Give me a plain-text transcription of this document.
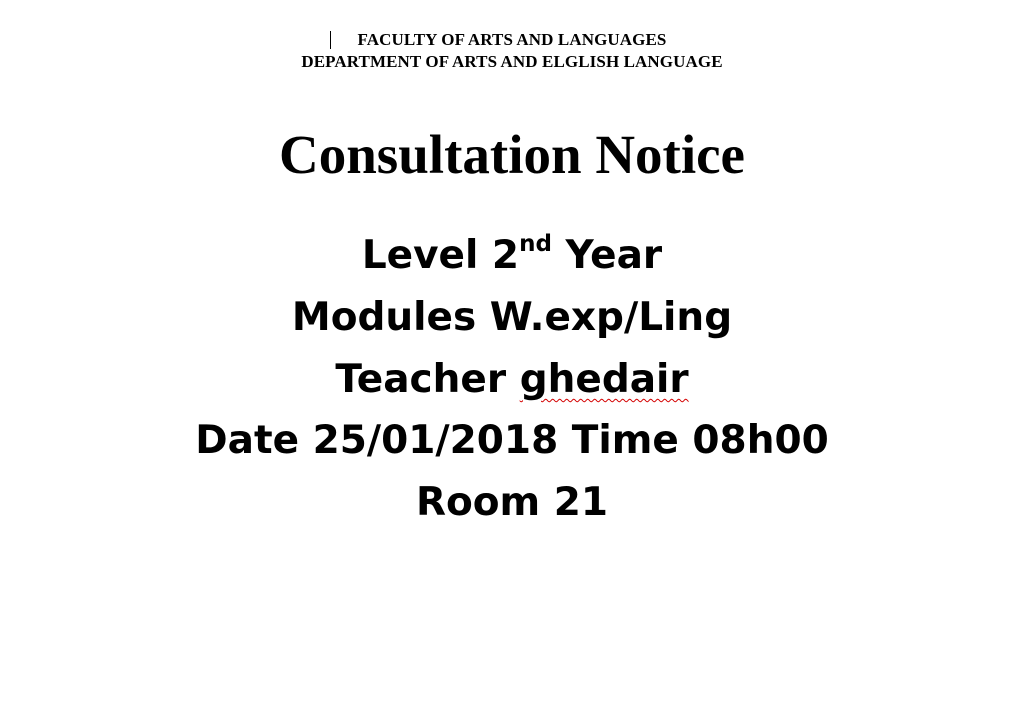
FACULTY OF ARTS AND LANGUAGES
DEPARTMENT OF ARTS AND ELGLISH LANGUAGE
Consultation Notice
Level 2nd Year
Modules W.exp/Ling
Teacher ghedair
Date 25/01/2018 Time 08h00
Room 21
